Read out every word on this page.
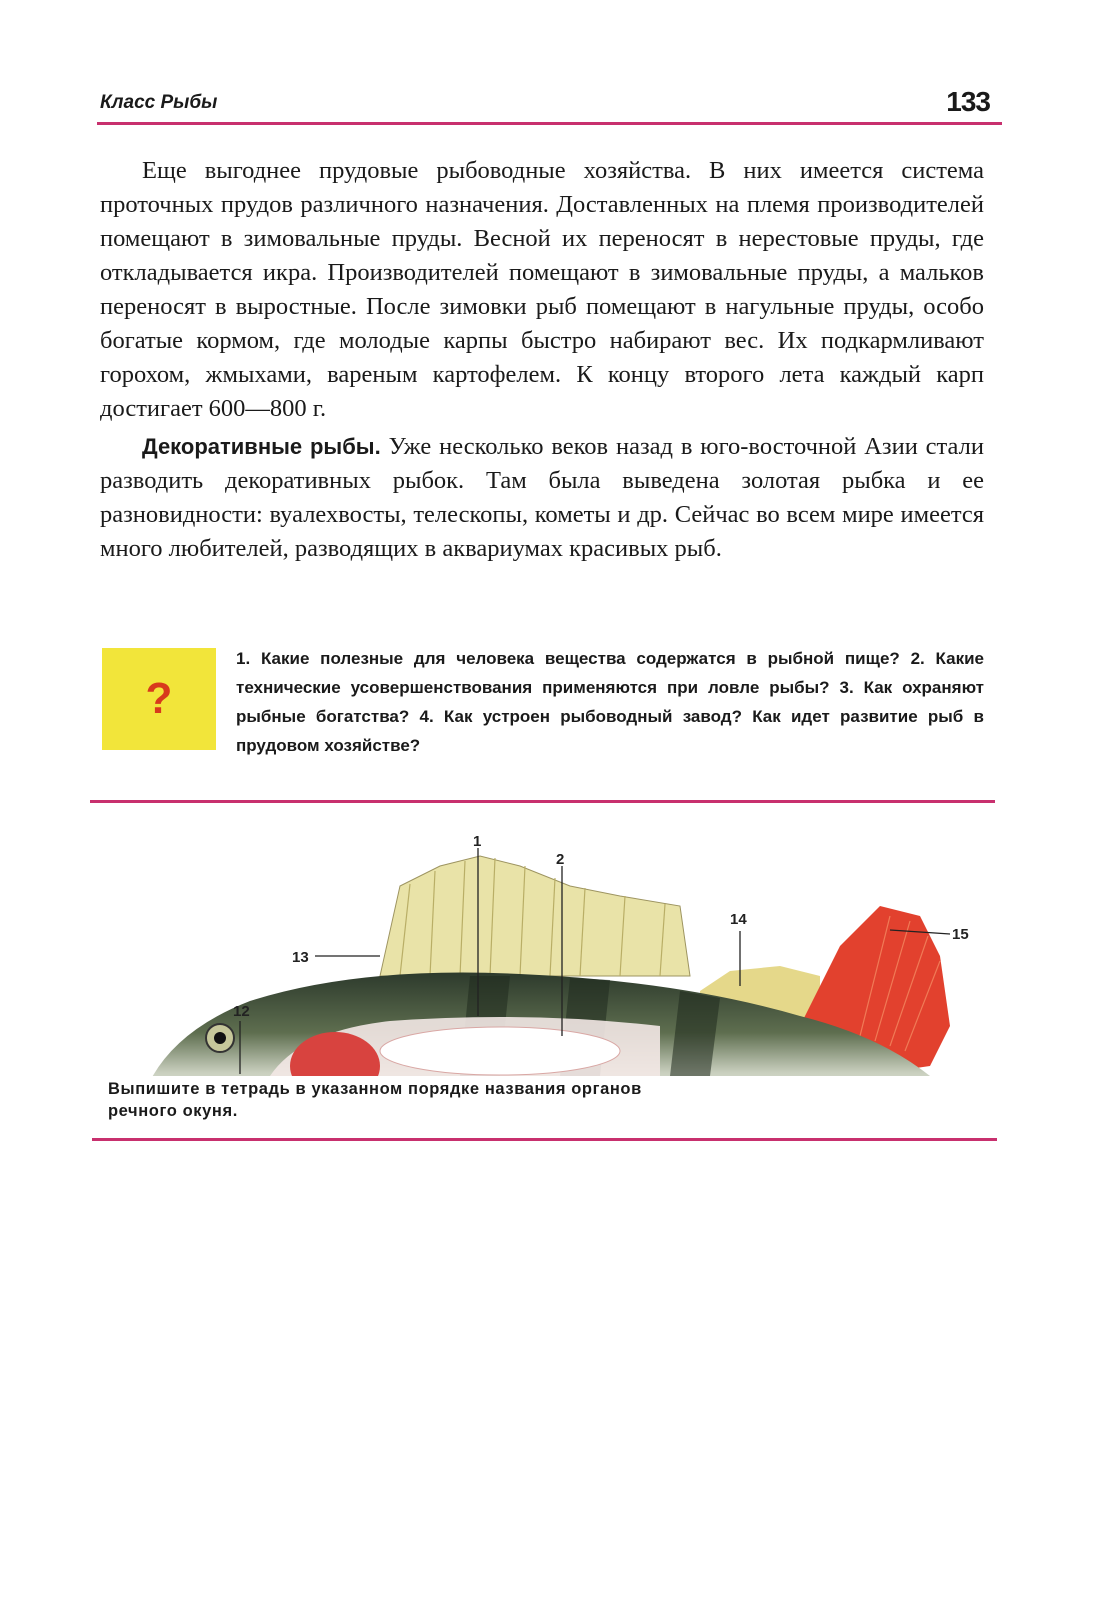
Класс Рыбы	133

Еще выгоднее прудовые рыбоводные хозяйства. В них имеется система проточных прудов различного назначения. Доставленных на племя производителей помещают в зимовальные пруды. Весной их переносят в нерестовые пруды, где откладывается икра. Производителей помещают в зимовальные пруды, а мальков переносят в выростные. После зимовки рыб помещают в нагульные пруды, особо богатые кормом, где молодые карпы быстро набирают вес. Их подкармливают горохом, жмыхами, вареным картофелем. К концу второго лета каждый карп достигает 600—800 г.

Декоративные рыбы. Уже несколько веков назад в юго-восточной Азии стали разводить декоративных рыбок. Там была выведена золотая рыбка и ее разновидности: вуалехвосты, телескопы, кометы и др. Сейчас во всем мире имеется много любителей, разводящих в аквариумах красивых рыб.

?
1. Какие полезные для человека вещества содержатся в рыбной пище? 2. Какие технические усовершенствования применяются при ловле рыбы? 3. Как охраняют рыбные богатства? 4. Как устроен рыбоводный завод? Как идет развитие рыб в прудовом хозяйстве?
1
2
13
14
15
12
Выпишите в тетрадь в указанном порядке названия органов речного окуня.
